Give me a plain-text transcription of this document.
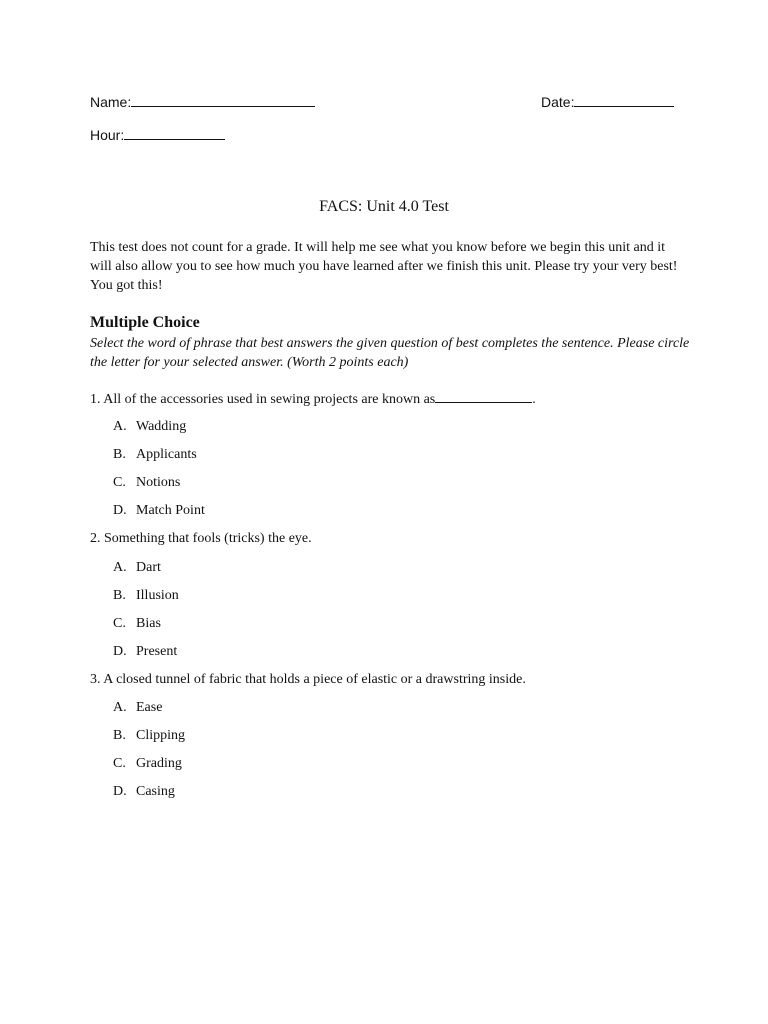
Name:	Date:
Hour:
FACS: Unit 4.0 Test

This test does not count for a grade. It will help me see what you know before we begin this unit and it will also allow you to see how much you have learned after we finish this unit. Please try your very best! You got this!

Multiple Choice

Select the word of phrase that best answers the given question of best completes the sentence. Please circle the letter for your selected answer. (Worth 2 points each)

1. All of the accessories used in sewing projects are known as	.

A. Wadding
B. Applicants
C. Notions
D. Match Point

2. Something that fools (tricks) the eye.

A. Dart
B. Illusion
C. Bias
D. Present

3. A closed tunnel of fabric that holds a piece of elastic or a drawstring inside.

A. Ease
B. Clipping
C. Grading
D. Casing
